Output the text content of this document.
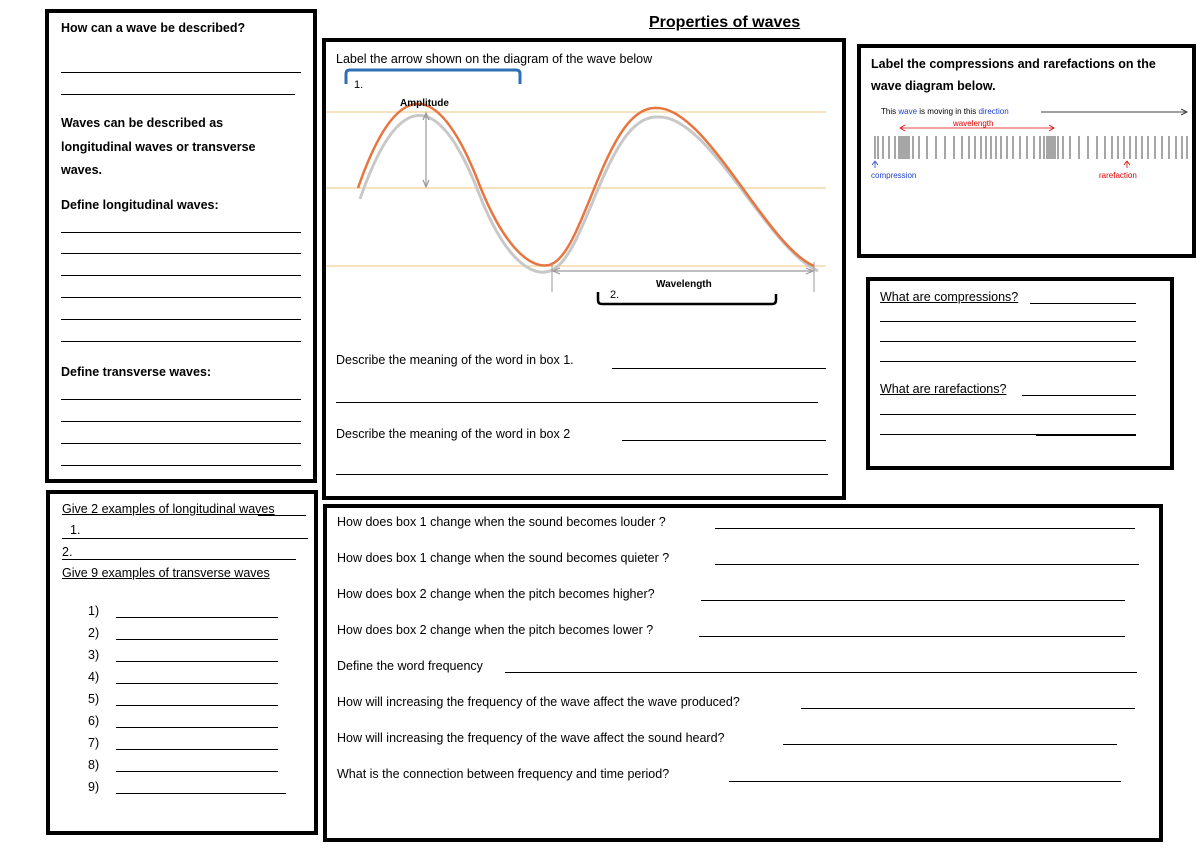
Properties of waves
How can a wave be described?
Waves can be described as
longitudinal waves or transverse
waves.
Define longitudinal waves:
Define transverse waves:
Label the arrow shown on the diagram of the wave below
1.
Amplitude
Wavelength
2.
Describe the meaning of the word in box 1.
Describe the meaning of the word in box 2
Label the compressions and rarefactions on the
wave diagram below.
This wave is moving in this direction
wavelength
compression	rarefaction
What are compressions?
What are rarefactions?
Give 2 examples of longitudinal waves
1.
2.
Give 9 examples of transverse waves
1)
2)
3)
4)
5)
6)
7)
8)
9)
How does box 1 change when the sound becomes louder ?
How does box 1 change when the sound becomes quieter ?
How does box 2 change when the pitch becomes higher?
How does box 2 change when the pitch becomes lower ?
Define the word frequency
How will increasing the frequency of the wave affect the wave produced?
How will increasing the frequency of the wave affect the sound heard?
What is the connection between frequency and time period?
